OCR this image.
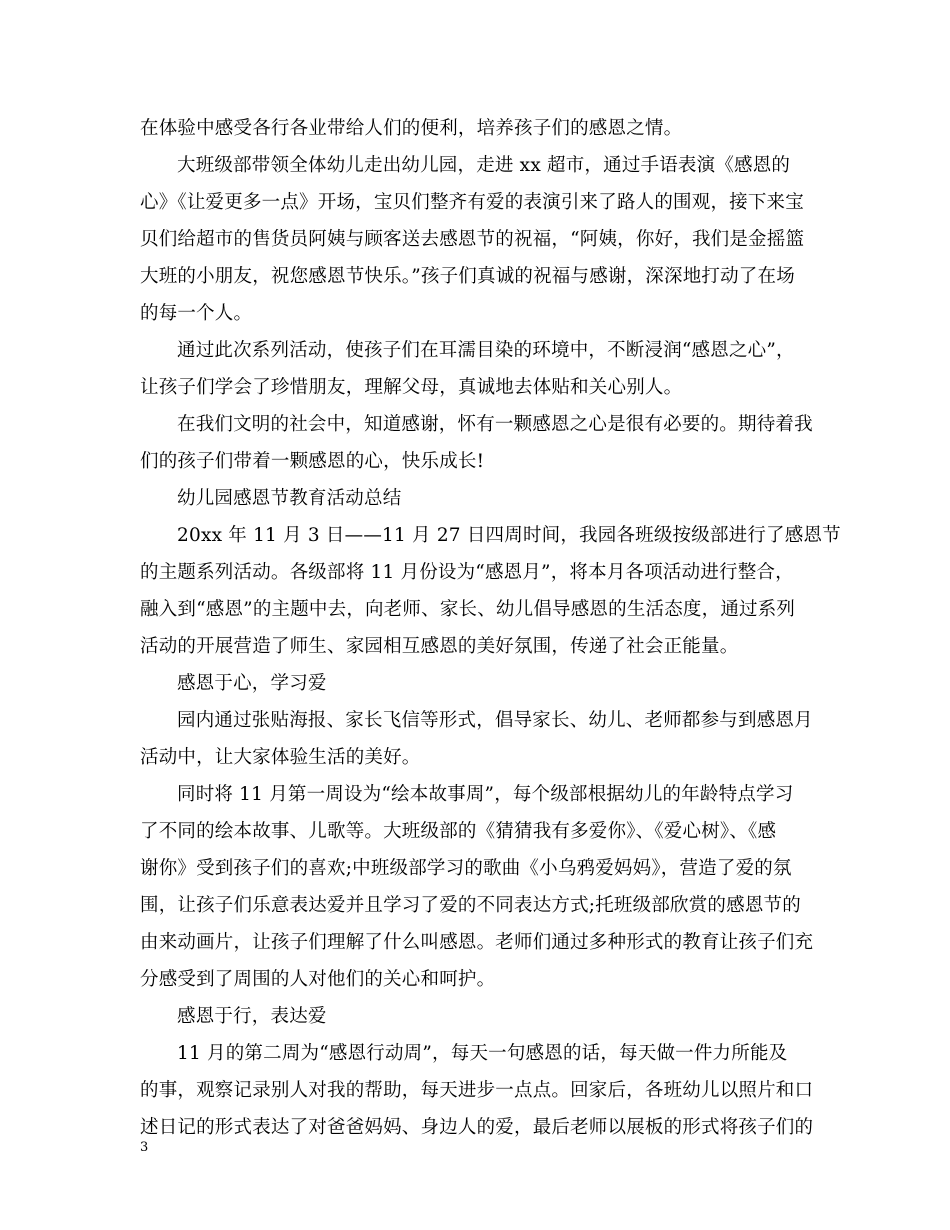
在体验中感受各行各业带给人们的便利，培养孩子们的感恩之情。
大班级部带领全体幼儿走出幼儿园，走进 xx 超市，通过手语表演《感恩的
心》《让爱更多一点》开场，宝贝们整齐有爱的表演引来了路人的围观，接下来宝
贝们给超市的售货员阿姨与顾客送去感恩节的祝福，“阿姨，你好，我们是金摇篮
大班的小朋友，祝您感恩节快乐。”孩子们真诚的祝福与感谢，深深地打动了在场
的每一个人。
通过此次系列活动，使孩子们在耳濡目染的环境中，不断浸润“感恩之心”，
让孩子们学会了珍惜朋友，理解父母，真诚地去体贴和关心别人。
在我们文明的社会中，知道感谢，怀有一颗感恩之心是很有必要的。期待着我
们的孩子们带着一颗感恩的心，快乐成长!
幼儿园感恩节教育活动总结
20xx 年 11 月 3 日——11 月 27 日四周时间，我园各班级按级部进行了感恩节
的主题系列活动。各级部将 11 月份设为“感恩月”，将本月各项活动进行整合，
融入到“感恩”的主题中去，向老师、家长、幼儿倡导感恩的生活态度，通过系列
活动的开展营造了师生、家园相互感恩的美好氛围，传递了社会正能量。
感恩于心，学习爱
园内通过张贴海报、家长飞信等形式，倡导家长、幼儿、老师都参与到感恩月
活动中，让大家体验生活的美好。
同时将 11 月第一周设为“绘本故事周”，每个级部根据幼儿的年龄特点学习
了不同的绘本故事、儿歌等。大班级部的《猜猜我有多爱你》、《爱心树》、《感
谢你》受到孩子们的喜欢;中班级部学习的歌曲《小乌鸦爱妈妈》，营造了爱的氛
围，让孩子们乐意表达爱并且学习了爱的不同表达方式;托班级部欣赏的感恩节的
由来动画片，让孩子们理解了什么叫感恩。老师们通过多种形式的教育让孩子们充
分感受到了周围的人对他们的关心和呵护。
感恩于行，表达爱
11 月的第二周为“感恩行动周”，每天一句感恩的话，每天做一件力所能及
的事，观察记录别人对我的帮助，每天进步一点点。回家后，各班幼儿以照片和口
述日记的形式表达了对爸爸妈妈、身边人的爱，最后老师以展板的形式将孩子们的
3
